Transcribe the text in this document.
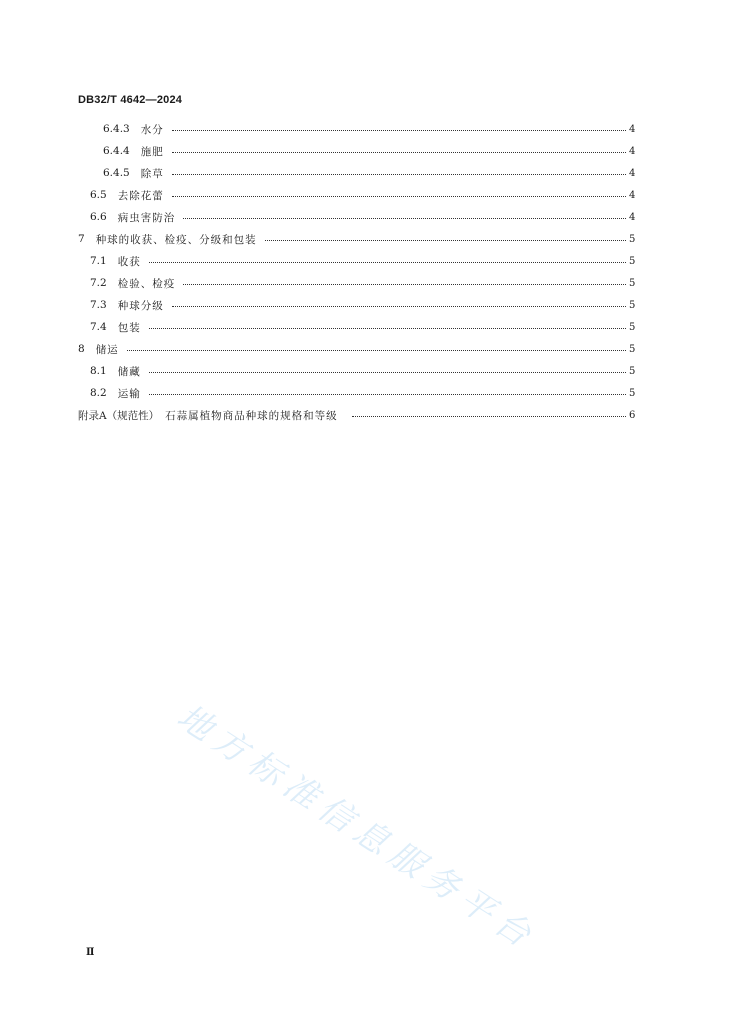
DB32/T 4642—2024
6.4.3 水分	4
6.4.4 施肥	4
6.4.5 除草	4
6.5 去除花蕾	4
6.6 病虫害防治	4
7 种球的收获、检疫、分级和包装	5
7.1 收获	5
7.2 检验、检疫	5
7.3 种球分级	5
7.4 包装	5
8 储运	5
8.1 储藏	5
8.2 运输	5
附录A（规范性） 石蒜属植物商品种球的规格和等级	6
地方标准信息服务平台
Ⅱ
